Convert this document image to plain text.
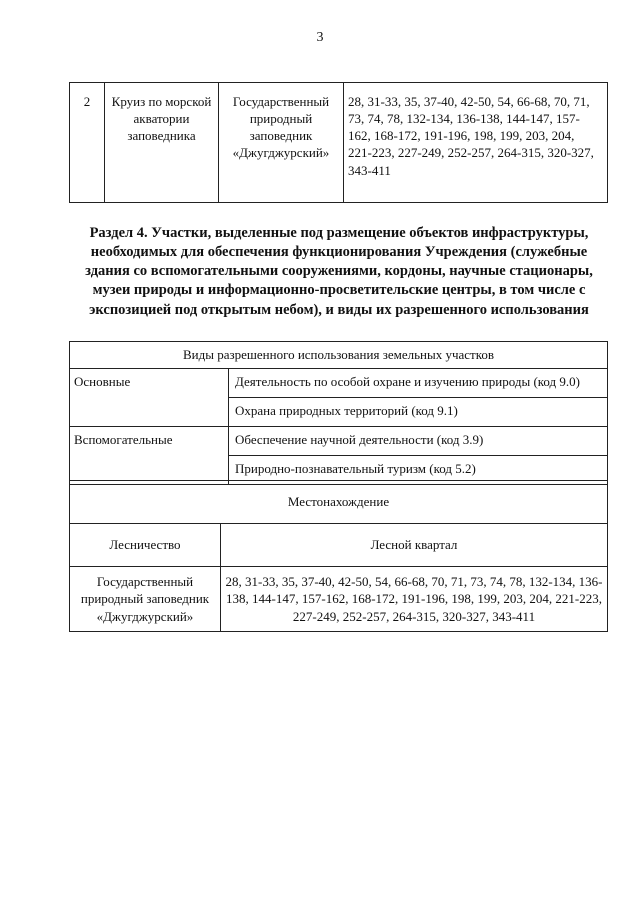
3
2	Круиз по морской акватории заповедника	Государственный природный заповедник «Джугджурский»	28, 31-33, 35, 37-40, 42-50, 54, 66-68, 70, 71, 73, 74, 78, 132-134, 136-138, 144-147, 157-162, 168-172, 191-196, 198, 199, 203, 204, 221-223, 227-249, 252-257, 264-315, 320-327, 343-411
Раздел 4. Участки, выделенные под размещение объектов инфраструктуры, необходимых для обеспечения функционирования Учреждения (служебные здания со вспомогательными сооружениями, кордоны, научные стационары, музеи природы и информационно-просветительские центры, в том числе с экспозицией под открытым небом), и виды их разрешенного использования
Виды разрешенного использования земельных участков	
Основные	Деятельность по особой охране и изучению природы (код 9.0)
	Охрана природных территорий (код 9.1)
Вспомогательные	Обеспечение научной деятельности (код 3.9)
	Природно-познавательный туризм (код 5.2)
Местонахождение	
Лесничество	Лесной квартал
Государственный природный заповедник «Джугджурский»	28, 31-33, 35, 37-40, 42-50, 54, 66-68, 70, 71, 73, 74, 78, 132-134, 136-138, 144-147, 157-162, 168-172, 191-196, 198, 199, 203, 204, 221-223, 227-249, 252-257, 264-315, 320-327, 343-411
